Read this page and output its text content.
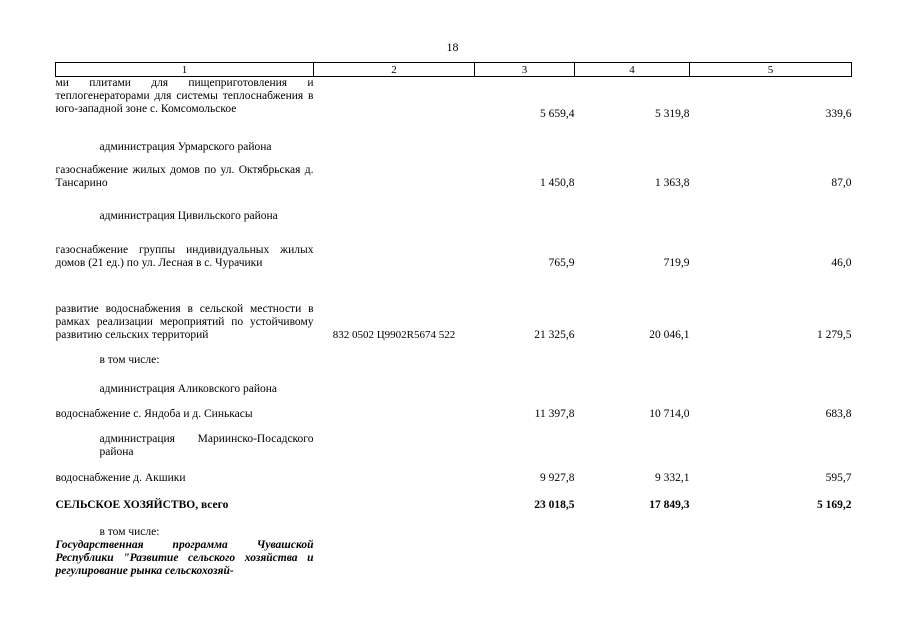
18
1	2	3	4	5
ми плитами для пищеприготовления и теплогенераторами для системы теплоснабжения в юго-западной зоне с. Комсомольское		5 659,4	5 319,8	339,6
администрация Урмарского района				
газоснабжение жилых домов по ул. Октябрьская д. Тансарино		1 450,8	1 363,8	87,0
администрация Цивильского района				
газоснабжение группы индивидуальных жилых домов (21 ед.) по ул. Лесная в с. Чурачики		765,9	719,9	46,0
развитие водоснабжения в сельской местности в рамках реализации мероприятий по устойчивому развитию сельских территорий	832 0502 Ц9902R5674 522	21 325,6	20 046,1	1 279,5
в том числе:				
администрация Аликовского района				
водоснабжение с. Яндоба и д. Синькасы		11 397,8	10 714,0	683,8
администрация Мариинско-Посадского района				
водоснабжение д. Акшики		9 927,8	9 332,1	595,7
СЕЛЬСКОЕ ХОЗЯЙСТВО, всего		23 018,5	17 849,3	5 169,2
в том числе:				
Государственная программа Чувашской Республики "Развитие сельского хозяйства и регулирование рынка сельскохозяй-				
